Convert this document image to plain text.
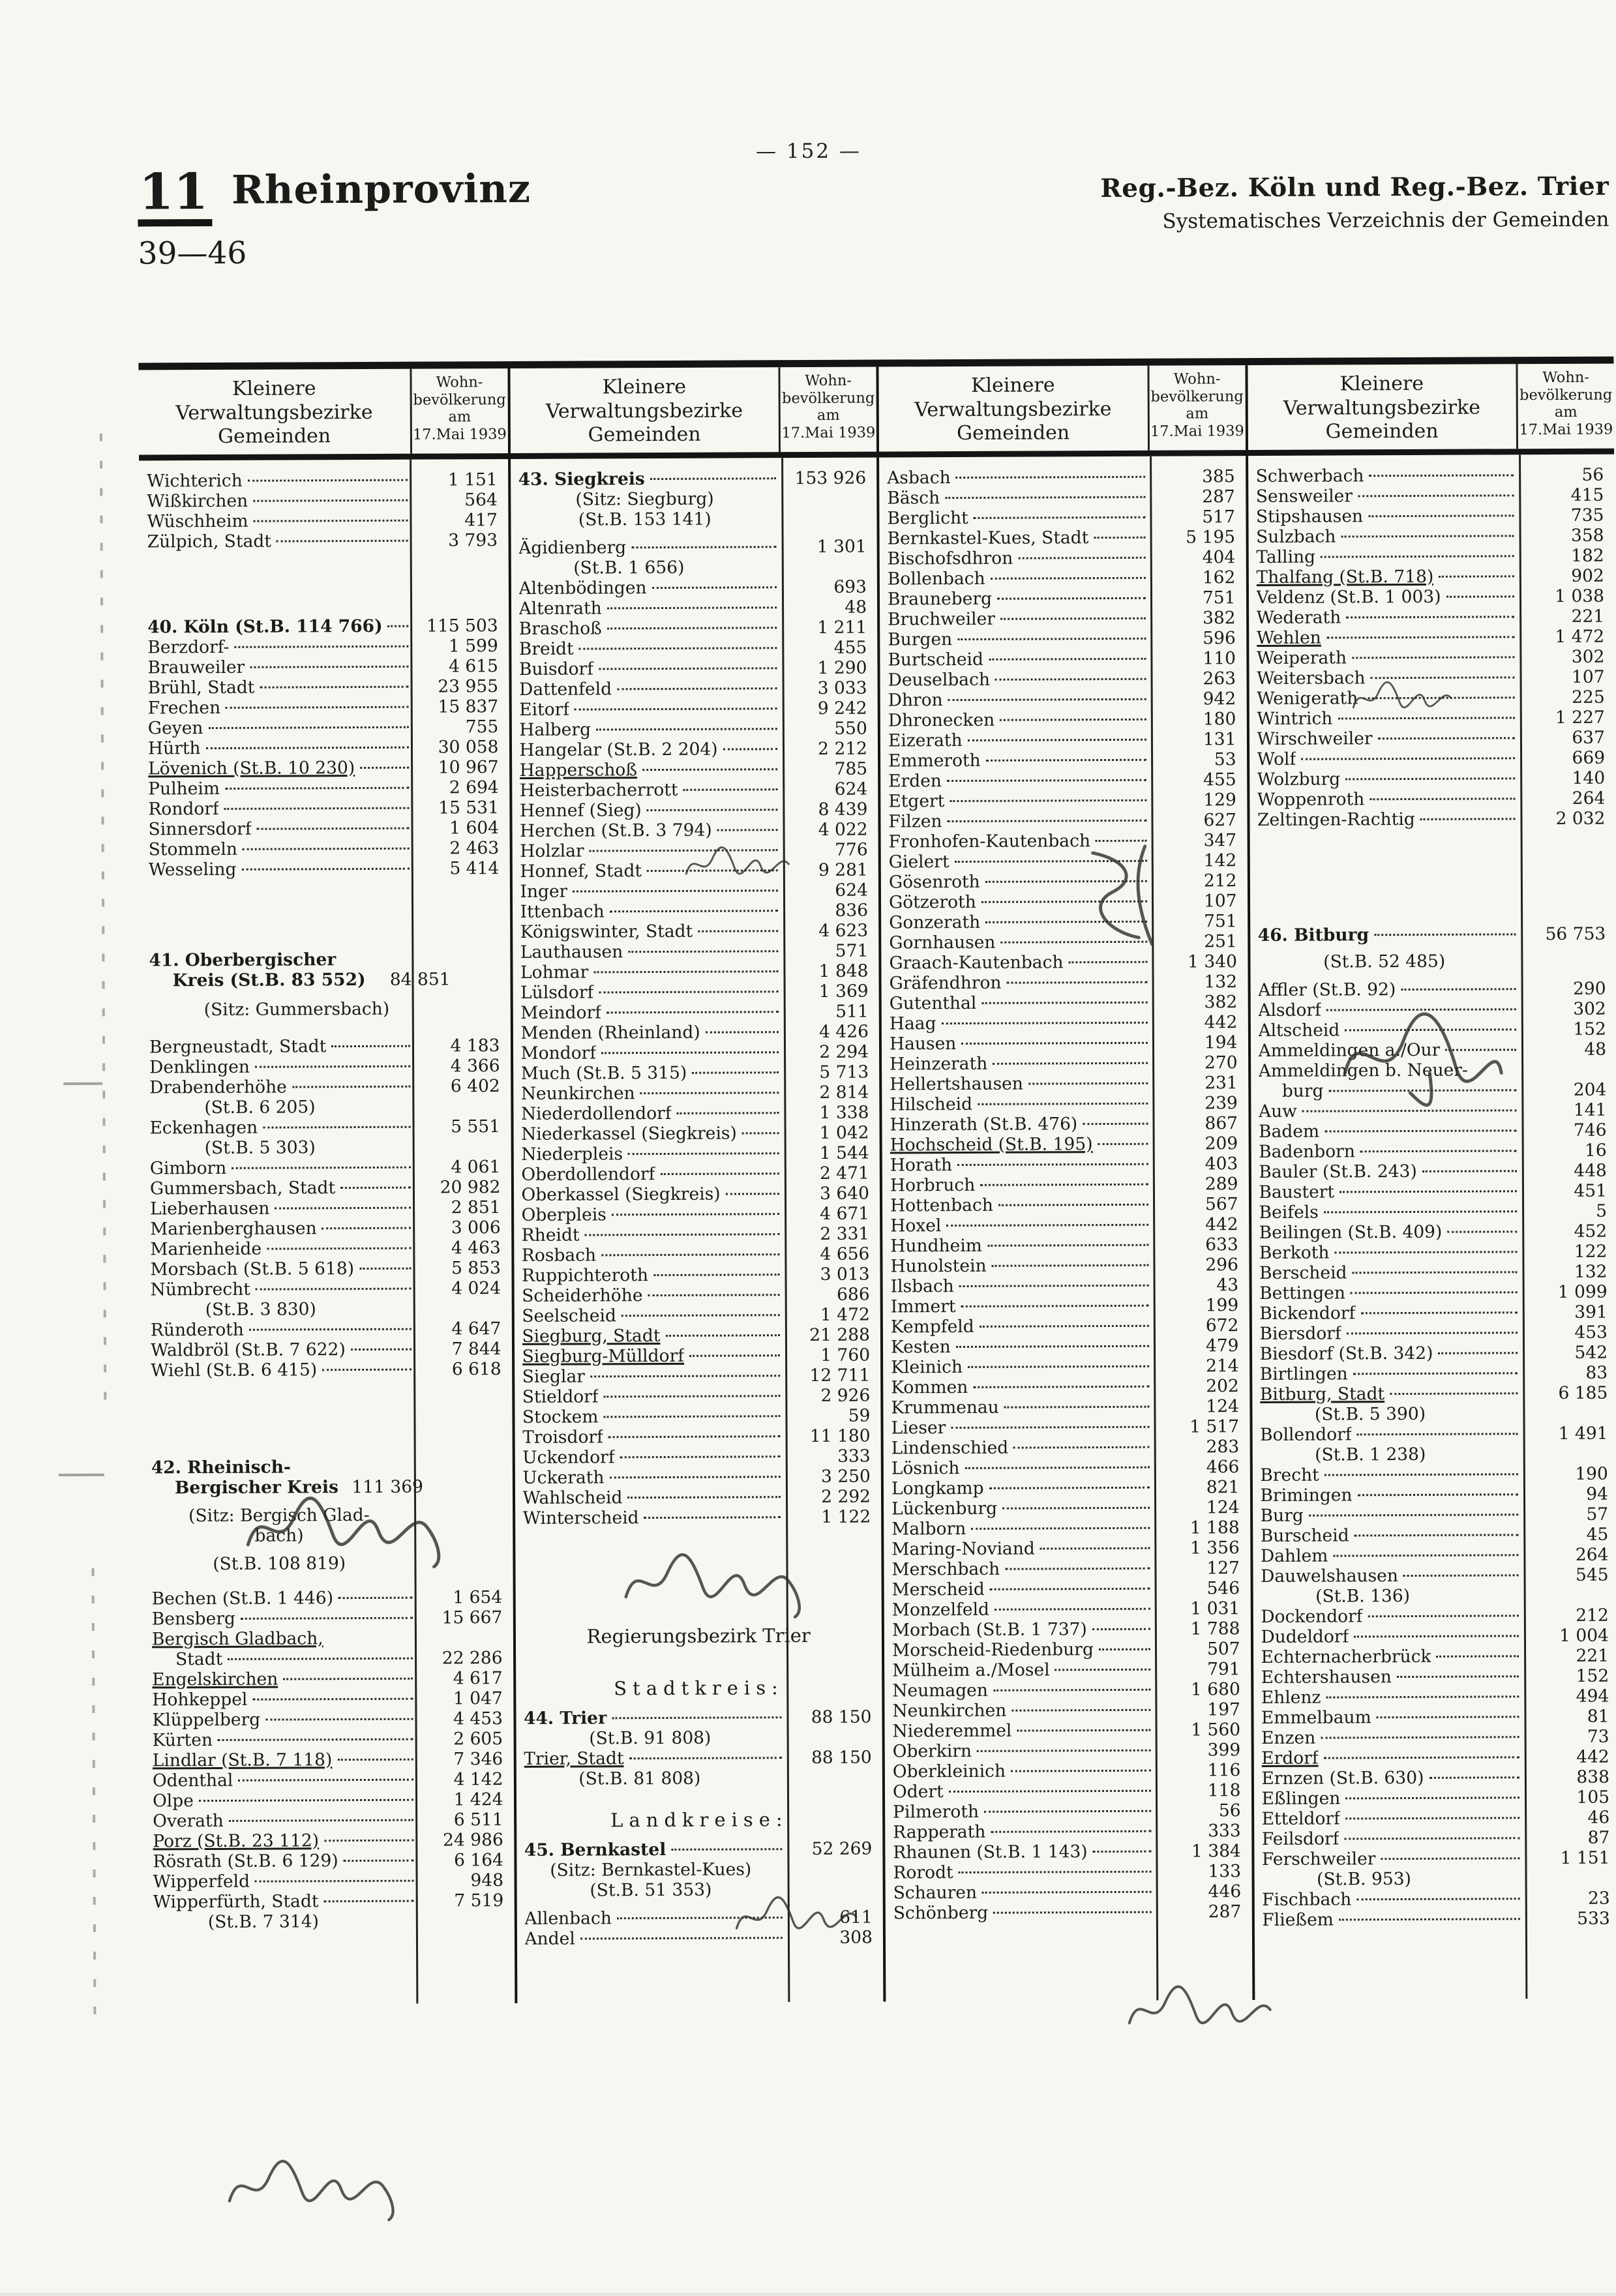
— 152 —
11 Rheinprovinz
39—46
Reg.-Bez. Köln und Reg.-Bez. Trier
Systematisches Verzeichnis der Gemeinden
Kleinere
Verwaltungsbezirke
Gemeinden
Wohn-
bevölkerung
am
17.Mai 1939
Kleinere
Verwaltungsbezirke
Gemeinden
Wohn-
bevölkerung
am
17.Mai 1939
Kleinere
Verwaltungsbezirke
Gemeinden
Wohn-
bevölkerung
am
17.Mai 1939
Kleinere
Verwaltungsbezirke
Gemeinden
Wohn-
bevölkerung
am
17.Mai 1939
Wichterich	1 151
Wißkirchen	564
Wüschheim	417
Zülpich, Stadt	3 793
40. Köln (St.B. 114 766)	115 503
Berzdorf-	1 599
Brauweiler	4 615
Brühl, Stadt	23 955
Frechen	15 837
Geyen	755
Hürth	30 058
Lövenich (St.B. 10 230)	10 967
Pulheim	2 694
Rondorf	15 531
Sinnersdorf	1 604
Stommeln	2 463
Wesseling	5 414
41. Oberbergischer
Kreis (St.B. 83 552)	84 851
(Sitz: Gummersbach)
Bergneustadt, Stadt	4 183
Denklingen	4 366
Drabenderhöhe	6 402
(St.B. 6 205)
Eckenhagen	5 551
(St.B. 5 303)
Gimborn	4 061
Gummersbach, Stadt	20 982
Lieberhausen	2 851
Marienberghausen	3 006
Marienheide	4 463
Morsbach (St.B. 5 618)	5 853
Nümbrecht	4 024
(St.B. 3 830)
Ründeroth	4 647
Waldbröl (St.B. 7 622)	7 844
Wiehl (St.B. 6 415)	6 618
42. Rheinisch-
Bergischer Kreis 111 369
(Sitz: Bergisch Glad-
bach)
(St.B. 108 819)
Bechen (St.B. 1 446)	1 654
Bensberg	15 667
Bergisch Gladbach,
Stadt	22 286
Engelskirchen	4 617
Hohkeppel	1 047
Klüppelberg	4 453
Kürten	2 605
Lindlar (St.B. 7 118)	7 346
Odenthal	4 142
Olpe	1 424
Overath	6 511
Porz (St.B. 23 112)	24 986
Rösrath (St.B. 6 129)	6 164
Wipperfeld	948
Wipperfürth, Stadt	7 519
(St.B. 7 314)
43. Siegkreis	153 926
(Sitz: Siegburg)
(St.B. 153 141)
Ägidienberg	1 301
(St.B. 1 656)
Altenbödingen	693
Altenrath	48
Braschoß	1 211
Breidt	455
Buisdorf	1 290
Dattenfeld	3 033
Eitorf	9 242
Halberg	550
Hangelar (St.B. 2 204)	2 212
Happerschoß	785
Heisterbacherrott	624
Hennef (Sieg)	8 439
Herchen (St.B. 3 794)	4 022
Holzlar	776
Honnef, Stadt	9 281
Inger	624
Ittenbach	836
Königswinter, Stadt	4 623
Lauthausen	571
Lohmar	1 848
Lülsdorf	1 369
Meindorf	511
Menden (Rheinland)	4 426
Mondorf	2 294
Much (St.B. 5 315)	5 713
Neunkirchen	2 814
Niederdollendorf	1 338
Niederkassel (Siegkreis)	1 042
Niederpleis	1 544
Oberdollendorf	2 471
Oberkassel (Siegkreis)	3 640
Oberpleis	4 671
Rheidt	2 331
Rosbach	4 656
Ruppichteroth	3 013
Scheiderhöhe	686
Seelscheid	1 472
Siegburg, Stadt	21 288
Siegburg-Mülldorf	1 760
Sieglar	12 711
Stieldorf	2 926
Stockem	59
Troisdorf	11 180
Uckendorf	333
Uckerath	3 250
Wahlscheid	2 292
Winterscheid	1 122
Regierungsbezirk Trier
Stadtkreis:
44. Trier	88 150
(St.B. 91 808)
Trier, Stadt	88 150
(St.B. 81 808)
Landkreise:
45. Bernkastel	52 269
(Sitz: Bernkastel-Kues)
(St.B. 51 353)
Allenbach	611
Andel	308
Asbach	385
Bäsch	287
Berglicht	517
Bernkastel-Kues, Stadt	5 195
Bischofsdhron	404
Bollenbach	162
Brauneberg	751
Bruchweiler	382
Burgen	596
Burtscheid	110
Deuselbach	263
Dhron	942
Dhronecken	180
Eizerath	131
Emmeroth	53
Erden	455
Etgert	129
Filzen	627
Fronhofen-Kautenbach	347
Gielert	142
Gösenroth	212
Götzeroth	107
Gonzerath	751
Gornhausen	251
Graach-Kautenbach	1 340
Gräfendhron	132
Gutenthal	382
Haag	442
Hausen	194
Heinzerath	270
Hellertshausen	231
Hilscheid	239
Hinzerath (St.B. 476)	867
Hochscheid (St.B. 195)	209
Horath	403
Horbruch	289
Hottenbach	567
Hoxel	442
Hundheim	633
Hunolstein	296
Ilsbach	43
Immert	199
Kempfeld	672
Kesten	479
Kleinich	214
Kommen	202
Krummenau	124
Lieser	1 517
Lindenschied	283
Lösnich	466
Longkamp	821
Lückenburg	124
Malborn	1 188
Maring-Noviand	1 356
Merschbach	127
Merscheid	546
Monzelfeld	1 031
Morbach (St.B. 1 737)	1 788
Morscheid-Riedenburg	507
Mülheim a./Mosel	791
Neumagen	1 680
Neunkirchen	197
Niederemmel	1 560
Oberkirn	399
Oberkleinich	116
Odert	118
Pilmeroth	56
Rapperath	333
Rhaunen (St.B. 1 143)	1 384
Rorodt	133
Schauren	446
Schönberg	287
Schwerbach	56
Sensweiler	415
Stipshausen	735
Sulzbach	358
Talling	182
Thalfang (St.B. 718)	902
Veldenz (St.B. 1 003)	1 038
Wederath	221
Wehlen	1 472
Weiperath	302
Weitersbach	107
Wenigerath	225
Wintrich	1 227
Wirschweiler	637
Wolf	669
Wolzburg	140
Woppenroth	264
Zeltingen-Rachtig	2 032
46. Bitburg	56 753
(St.B. 52 485)
Affler (St.B. 92)	290
Alsdorf	302
Altscheid	152
Ammeldingen a./Our	48
Ammeldingen b. Neuer-
burg	204
Auw	141
Badem	746
Badenborn	16
Bauler (St.B. 243)	448
Baustert	451
Beifels	5
Beilingen (St.B. 409)	452
Berkoth	122
Berscheid	132
Bettingen	1 099
Bickendorf	391
Biersdorf	453
Biesdorf (St.B. 342)	542
Birtlingen	83
Bitburg, Stadt	6 185
(St.B. 5 390)
Bollendorf	1 491
(St.B. 1 238)
Brecht	190
Brimingen	94
Burg	57
Burscheid	45
Dahlem	264
Dauwelshausen	545
(St.B. 136)
Dockendorf	212
Dudeldorf	1 004
Echternacherbrück	221
Echtershausen	152
Ehlenz	494
Emmelbaum	81
Enzen	73
Erdorf	442
Ernzen (St.B. 630)	838
Eßlingen	105
Etteldorf	46
Feilsdorf	87
Ferschweiler	1 151
(St.B. 953)
Fischbach	23
Fließem	533
